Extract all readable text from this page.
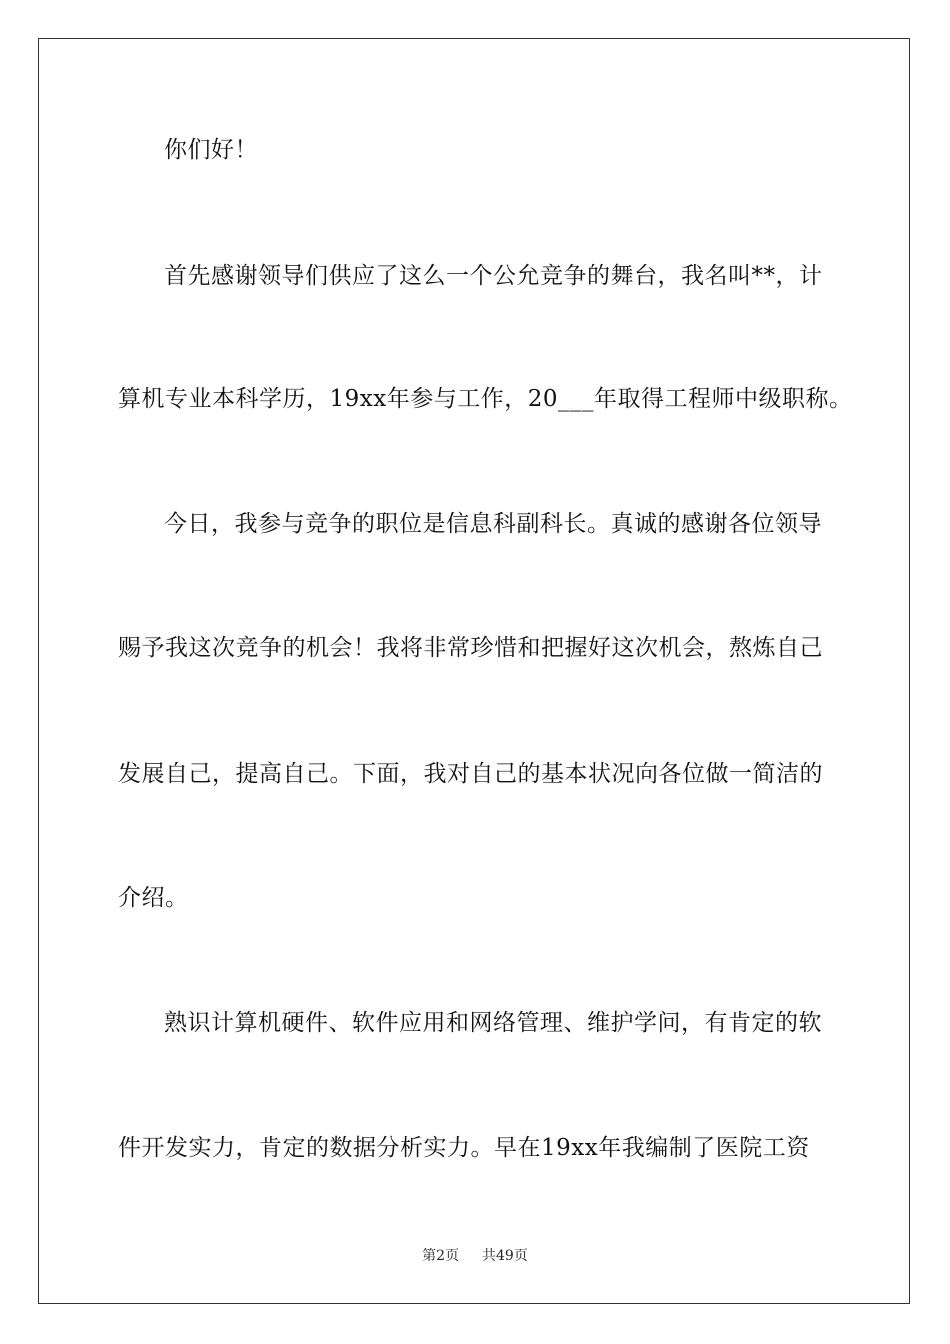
你们好！
首先感谢领导们供应了这么一个公允竞争的舞台，我名叫**，计
算机专业本科学历，19xx年参与工作，20___年取得工程师中级职称。
今日，我参与竞争的职位是信息科副科长。真诚的感谢各位领导
赐予我这次竞争的机会！我将非常珍惜和把握好这次机会，熬炼自己
发展自己，提高自己。下面，我对自己的基本状况向各位做一简洁的
介绍。
熟识计算机硬件、软件应用和网络管理、维护学问，有肯定的软
件开发实力，肯定的数据分析实力。早在19xx年我编制了医院工资
第2页 共49页
